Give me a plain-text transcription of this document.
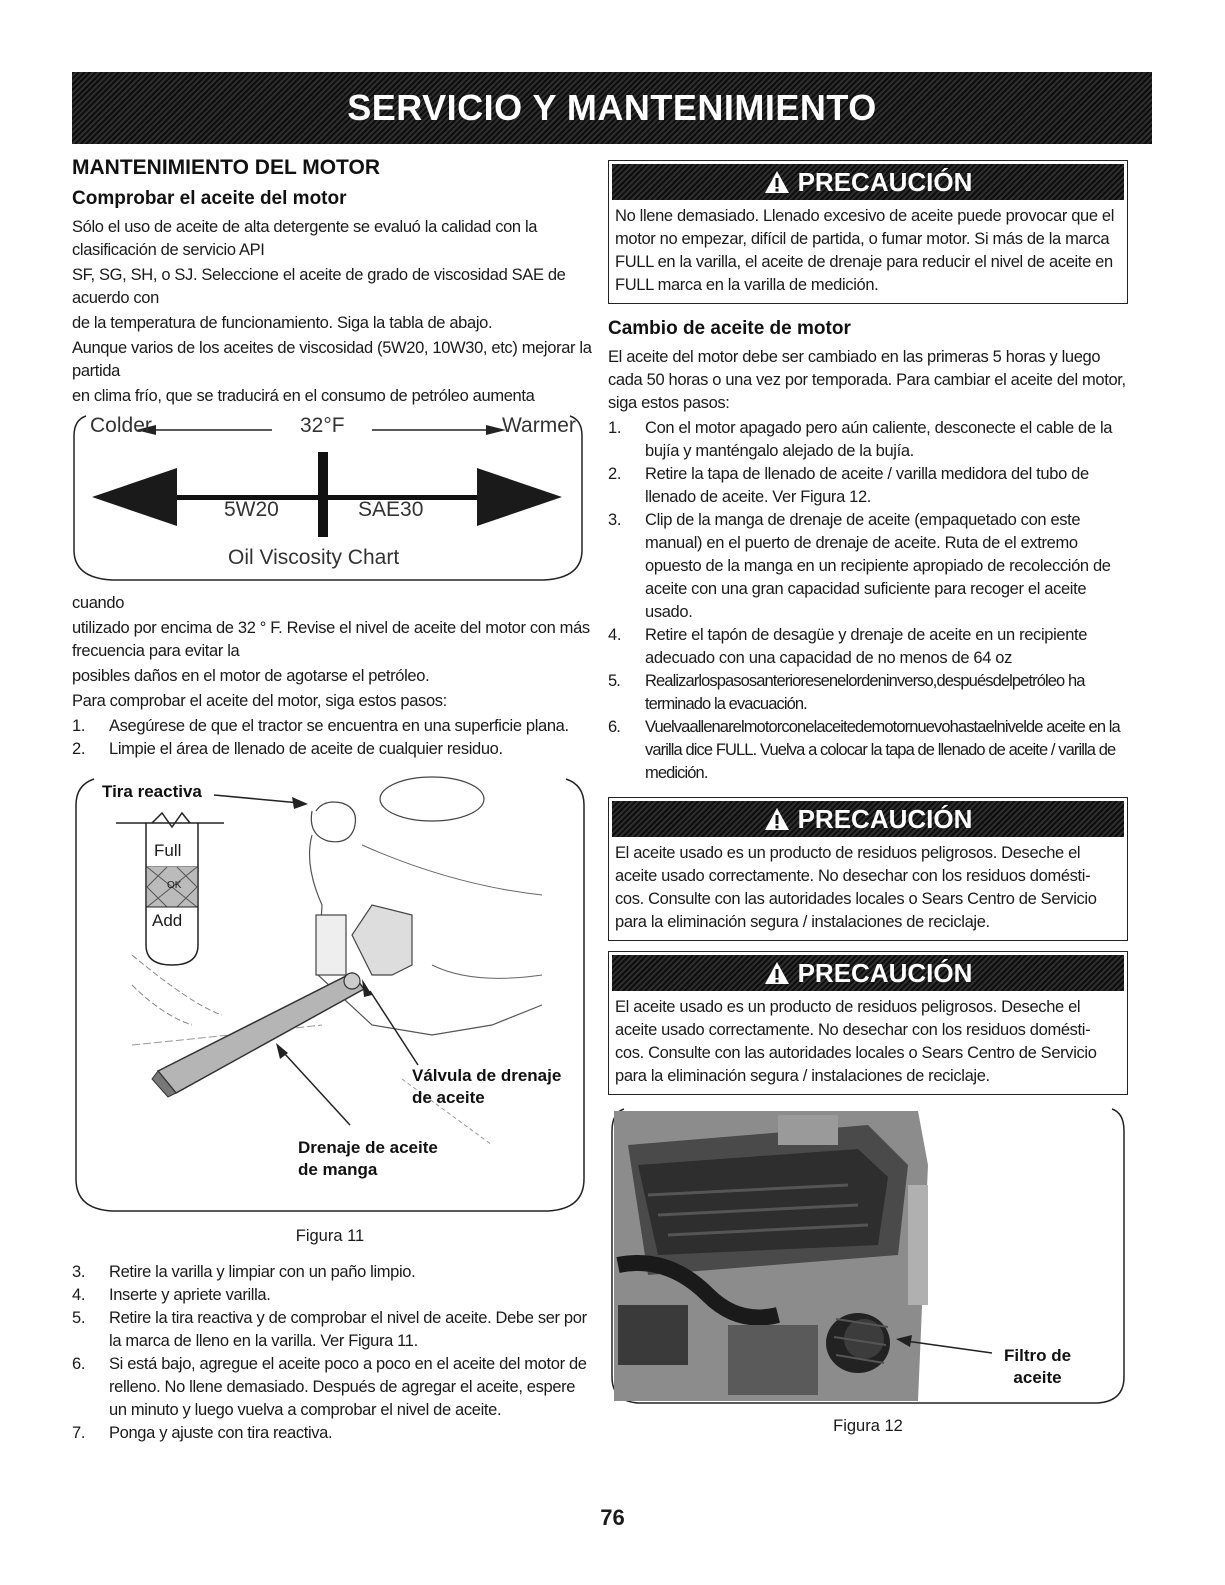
SERVICIO Y MANTENIMIENTO
MANTENIMIENTO DEL MOTOR
Comprobar el aceite del motor

Sólo el uso de aceite de alta detergente se evaluó la calidad con la clasificación de servicio API

SF, SG, SH, o SJ. Seleccione el aceite de grado de viscosidad SAE de acuerdo con

de la temperatura de funcionamiento. Siga la tabla de abajo.

Aunque varios de los aceites de viscosidad (5W20, 10W30, etc) mejorar la partida

en clima frío, que se traducirá en el consumo de petróleo aumenta

Colder	32°F	Warmer
5W20	SAE30
Oil Viscosity Chart

cuando

utilizado por encima de 32 ° F. Revise el nivel de aceite del motor con más frecuencia para evitar la

posibles daños en el motor de agotarse el petróleo.

Para comprobar el aceite del motor, siga estos pasos:

1. Asegúrese de que el tractor se encuentra en una superficie plana.
2. Limpie el área de llenado de aceite de cualquier residuo.
Tira reactiva
Full
OK
Add
Válvula de drenaje
de aceite
Drenaje de aceite
de manga
Figura 11
3. Retire la varilla y limpiar con un paño limpio.
4. Inserte y apriete varilla.
5. Retire la tira reactiva y de comprobar el nivel de aceite. Debe ser por la marca de lleno en la varilla. Ver Figura 11.
6. Si está bajo, agregue el aceite poco a poco en el aceite del motor de relleno. No llene demasiado. Después de agregar el aceite, espere un minuto y luego vuelva a comprobar el nivel de aceite.
7. Ponga y ajuste con tira reactiva.
PRECAUCIÓN

No llene demasiado. Llenado excesivo de aceite puede provocar que el motor no empezar, difícil de partida, o fumar motor. Si más de la marca FULL en la varilla, el aceite de drenaje para reducir el nivel de aceite en FULL marca en la varilla de medición.

Cambio de aceite de motor

El aceite del motor debe ser cambiado en las primeras 5 horas y luego cada 50 horas o una vez por temporada. Para cambiar el aceite del motor, siga estos pasos:

1. Con el motor apagado pero aún caliente, desconecte el cable de la bujía y manténgalo alejado de la bujía.
2. Retire la tapa de llenado de aceite / varilla medidora del tubo de llenado de aceite. Ver Figura 12.
3. Clip de la manga de drenaje de aceite (empaquetado con este manual) en el puerto de drenaje de aceite. Ruta de el extremo opuesto de la manga en un recipiente apropiado de recolección de aceite con una gran capacidad suficiente para recoger el aceite usado.
4. Retire el tapón de desagüe y drenaje de aceite en un recipiente adecuado con una capacidad de no menos de 64 oz
5. Realizarlospasosanterioresenelordeninverso,despuésdelpetróleo ha terminado la evacuación.
6. Vuelvaallenarelmotorconelaceitedemotornuevohastaelnivelde aceite en la varilla dice FULL. Vuelva a colocar la tapa de llenado de aceite / varilla de medición.
PRECAUCIÓN

El aceite usado es un producto de residuos peligrosos. Deseche el aceite usado correctamente. No desechar con los residuos domésti- cos. Consulte con las autoridades locales o Sears Centro de Servicio para la eliminación segura / instalaciones de reciclaje.

PRECAUCIÓN

El aceite usado es un producto de residuos peligrosos. Deseche el aceite usado correctamente. No desechar con los residuos domésti- cos. Consulte con las autoridades locales o Sears Centro de Servicio para la eliminación segura / instalaciones de reciclaje.

Filtro de
aceite
Figura 12
76
